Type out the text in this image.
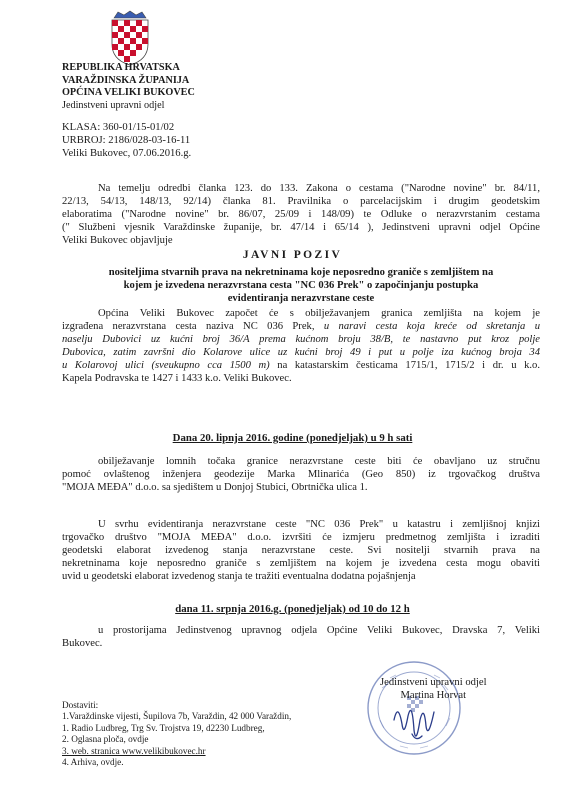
REPUBLIKA HRVATSKA
VARAŽDINSKA ŽUPANIJA
OPĆINA VELIKI BUKOVEC
Jedinstveni upravni odjel
KLASA: 360-01/15-01/02
URBROJ: 2186/028-03-16-11
Veliki Bukovec, 07.06.2016.g.
Na temelju odredbi članka 123. do 133. Zakona o cestama ("Narodne novine" br. 84/11,
22/13, 54/13, 148/13, 92/14) članka 81. Pravilnika o parcelacijskim i drugim geodetskim
elaboratima ("Narodne novine" br. 86/07, 25/09 i 148/09) te Odluke o nerazvrstanim cestama
(" Službeni vjesnik Varaždinske županije, br. 47/14 i 65/14 ), Jedinstveni upravni odjel Općine
Veliki Bukovec objavljuje
JAVNI POZIV
nositeljima stvarnih prava na nekretninama koje neposredno graniče s zemljištem na
kojem je izvedena nerazvrstana cesta "NC 036 Prek" o započinjanju postupka
evidentiranja nerazvrstane ceste
Općina Veliki Bukovec započet će s obilježavanjem granica zemljišta na kojem je
izgrađena nerazvrstana cesta naziva NC 036 Prek, u naravi cesta koja kreće od skretanja u
naselju Dubovici uz kućni broj 36/A prema kućnom broju 38/B, te nastavno put kroz polje
Dubovica, zatim završni dio Kolarove ulice uz kućni broj 49 i put u polje iza kućnog broja 34
u Kolarovoj ulici (sveukupno cca 1500 m) na katastarskim česticama 1715/1, 1715/2 i dr. u k.o.
Kapela Podravska te 1427 i 1433 k.o. Veliki Bukovec.
Dana 20. lipnja 2016. godine (ponedjeljak) u 9 h sati
obilježavanje lomnih točaka granice nerazvrstane ceste biti će obavljano uz stručnu
pomoć ovlaštenog inženjera geodezije Marka Mlinarića (Geo 850) iz trgovačkog društva
"MOJA MEĐA" d.o.o. sa sjedištem u Donjoj Stubici, Obrtnička ulica 1.
U svrhu evidentiranja nerazvrstane ceste "NC 036 Prek" u katastru i zemljišnoj knjizi
trgovačko društvo "MOJA MEĐA" d.o.o. izvršiti će izmjeru predmetnog zemljišta i izraditi
geodetski elaborat izvedenog stanja nerazvrstane ceste. Svi nositelji stvarnih prava na
nekretninama koje neposredno graniče s zemljištem na kojem je izvedena cesta mogu obaviti
uvid u geodetski elaborat izvedenog stanja te tražiti eventualna dodatna pojašnjenja
dana 11. srpnja 2016.g. (ponedjeljak) od 10 do 12 h
u prostorijama Jedinstvenog upravnog odjela Općine Veliki Bukovec, Dravska 7, Veliki
Bukovec.
Jedinstveni upravni odjel
Martina Horvat
Dostaviti:
1.Varaždinske vijesti, Šupilova 7b, Varaždin, 42 000 Varaždin,
1. Radio Ludbreg, Trg Sv. Trojstva 19, d2230 Ludbreg,
2. Oglasna ploča, ovdje
3. web. stranica www.velikibukovec.hr
4. Arhiva, ovdje.
